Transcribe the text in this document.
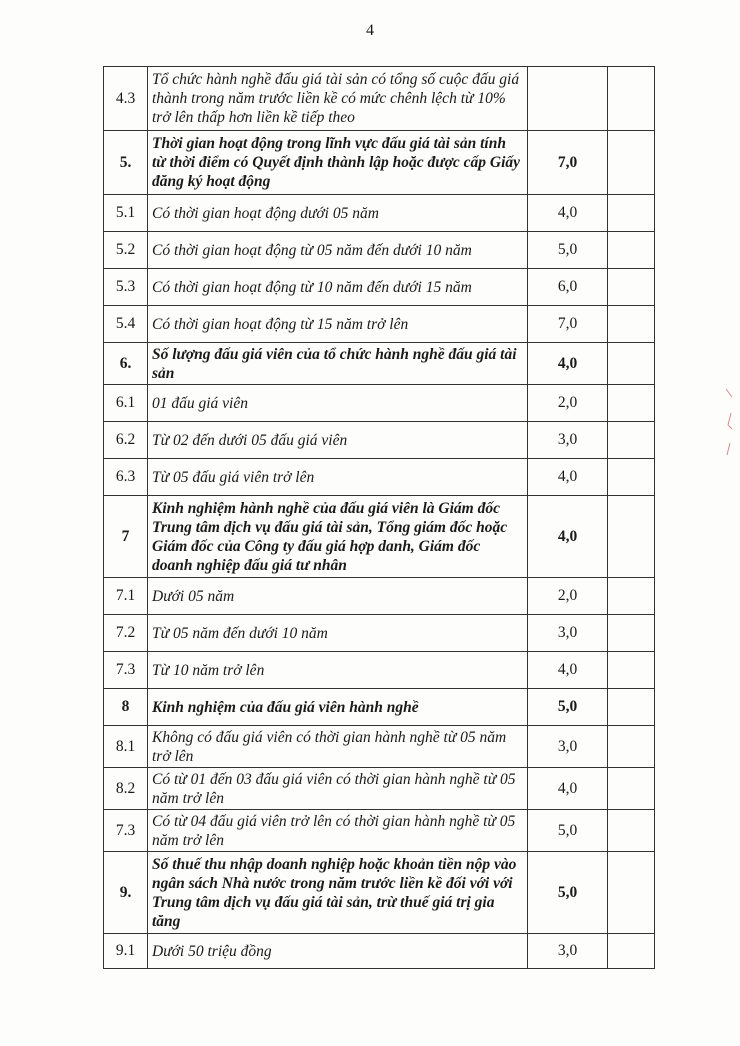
4
4.3	Tổ chức hành nghề đấu giá tài sản có tổng số cuộc đấu giá thành trong năm trước liền kề có mức chênh lệch từ 10% trở lên thấp hơn liền kề tiếp theo		
5.	Thời gian hoạt động trong lĩnh vực đấu giá tài sản tính từ thời điểm có Quyết định thành lập hoặc được cấp Giấy đăng ký hoạt động	7,0	
5.1	Có thời gian hoạt động dưới 05 năm	4,0	
5.2	Có thời gian hoạt động từ 05 năm đến dưới 10 năm	5,0	
5.3	Có thời gian hoạt động từ 10 năm đến dưới 15 năm	6,0	
5.4	Có thời gian hoạt động từ 15 năm trở lên	7,0	
6.	Số lượng đấu giá viên của tổ chức hành nghề đấu giá tài sản	4,0	
6.1	01 đấu giá viên	2,0	
6.2	Từ 02 đến dưới 05 đấu giá viên	3,0	
6.3	Từ 05 đấu giá viên trở lên	4,0	
7	Kinh nghiệm hành nghề của đấu giá viên là Giám đốc Trung tâm dịch vụ đấu giá tài sản, Tổng giám đốc hoặc Giám đốc của Công ty đấu giá hợp danh, Giám đốc doanh nghiệp đấu giá tư nhân	4,0	
7.1	Dưới 05 năm	2,0	
7.2	Từ 05 năm đến dưới 10 năm	3,0	
7.3	Từ 10 năm trở lên	4,0	
8	Kinh nghiệm của đấu giá viên hành nghề	5,0	
8.1	Không có đấu giá viên có thời gian hành nghề từ 05 năm trở lên	3,0	
8.2	Có từ 01 đến 03 đấu giá viên có thời gian hành nghề từ 05 năm trở lên	4,0	
7.3	Có từ 04 đấu giá viên trở lên có thời gian hành nghề từ 05 năm trở lên	5,0	
9.	Số thuế thu nhập doanh nghiệp hoặc khoản tiền nộp vào ngân sách Nhà nước trong năm trước liền kề đối với với Trung tâm dịch vụ đấu giá tài sản, trừ thuế giá trị gia tăng	5,0	
9.1	Dưới 50 triệu đồng	3,0	
